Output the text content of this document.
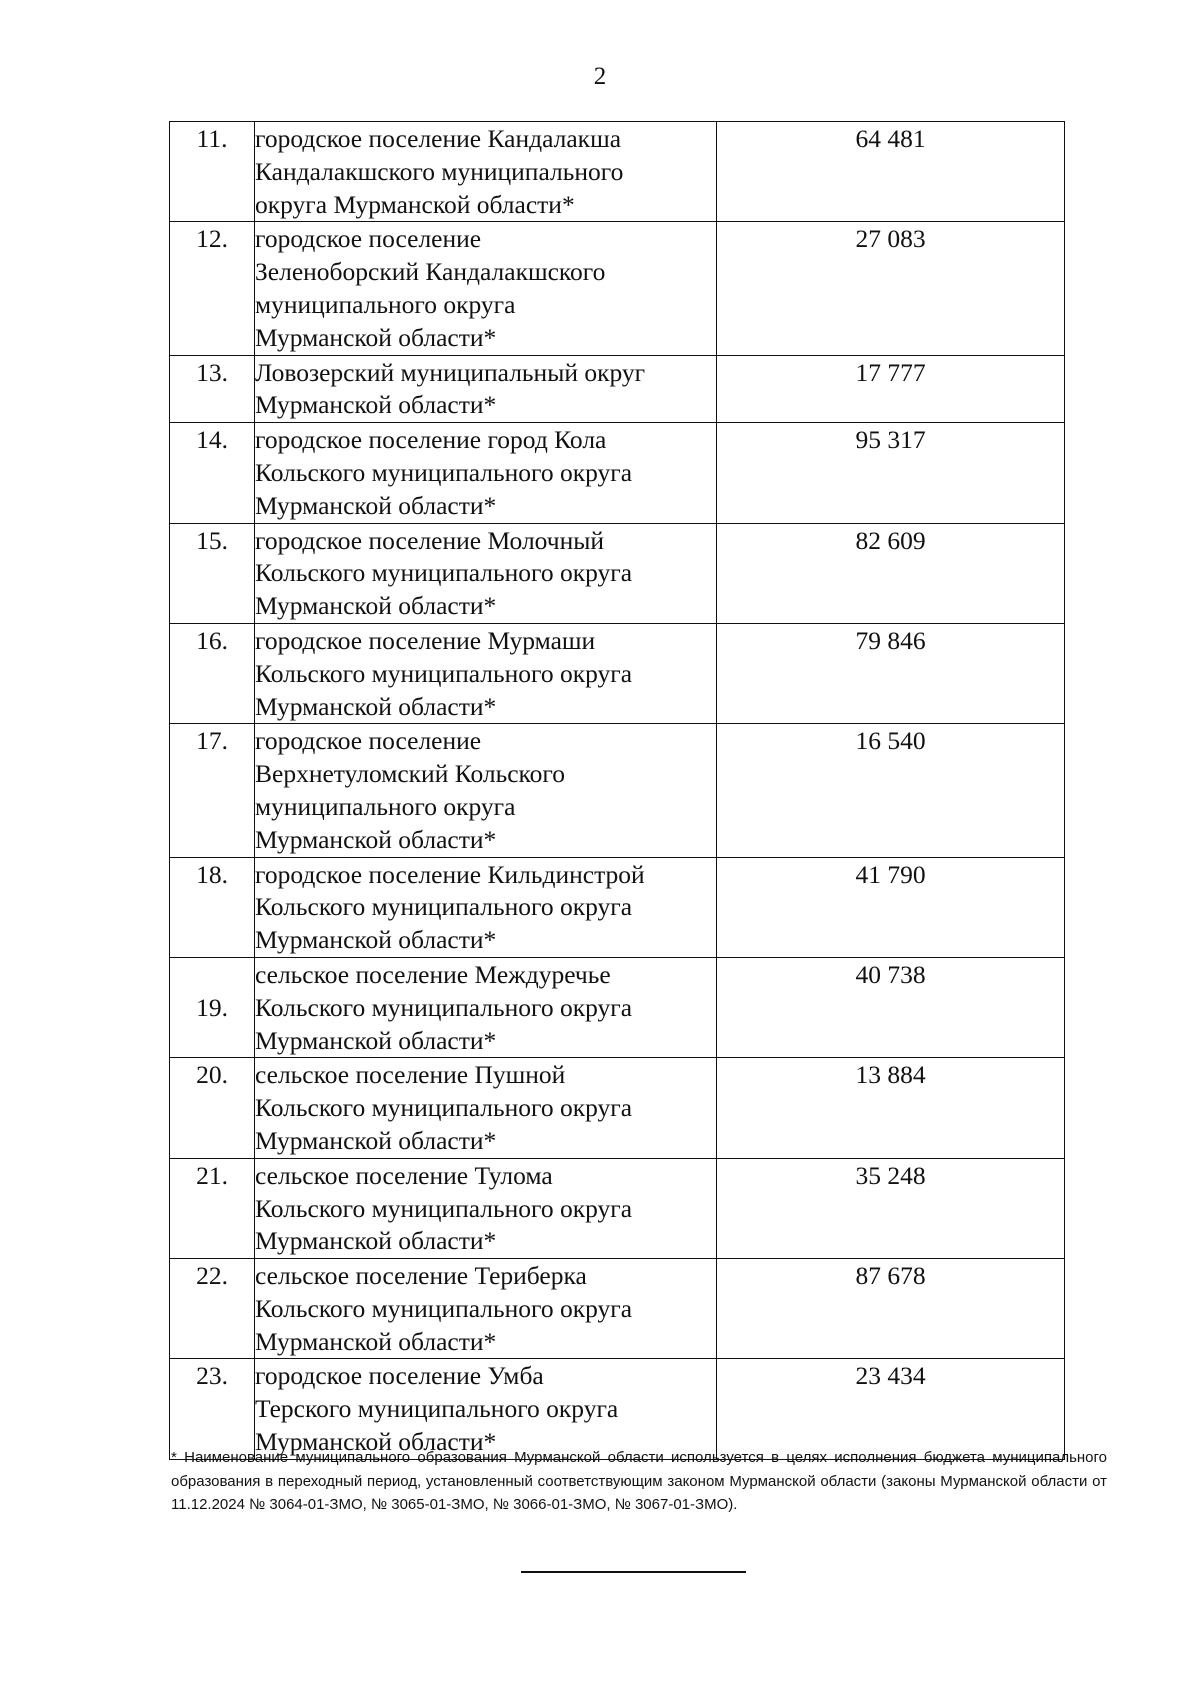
2
11.	городское поселение Кандалакша
Кандалакшского муниципального
округа Мурманской области*	64 481
12.	городское поселение
Зеленоборский Кандалакшского
муниципального округа
Мурманской области*	27 083
13.	Ловозерский муниципальный округ
Мурманской области*	17 777
14.	городское поселение город Кола
Кольского муниципального округа
Мурманской области*	95 317
15.	городское поселение Молочный
Кольского муниципального округа
Мурманской области*	82 609
16.	городское поселение Мурмаши
Кольского муниципального округа
Мурманской области*	79 846
17.	городское поселение
Верхнетуломский Кольского
муниципального округа
Мурманской области*	16 540
18.	городское поселение Кильдинстрой
Кольского муниципального округа
Мурманской области*	41 790
19.	сельское поселение Междуречье
Кольского муниципального округа
Мурманской области*	40 738
20.	сельское поселение Пушной
Кольского муниципального округа
Мурманской области*	13 884
21.	сельское поселение Тулома
Кольского муниципального округа
Мурманской области*	35 248
22.	сельское поселение Териберка
Кольского муниципального округа
Мурманской области*	87 678
23.	городское поселение Умба
Терского муниципального округа
Мурманской области*	23 434
* Наименование муниципального образования Мурманской области используется в целях исполнения бюджета муниципального образования в переходный период, установленный соответствующим законом Мурманской области (законы Мурманской области от 11.12.2024 № 3064-01-ЗМО, № 3065-01-ЗМО, № 3066-01-ЗМО, № 3067-01-ЗМО).
